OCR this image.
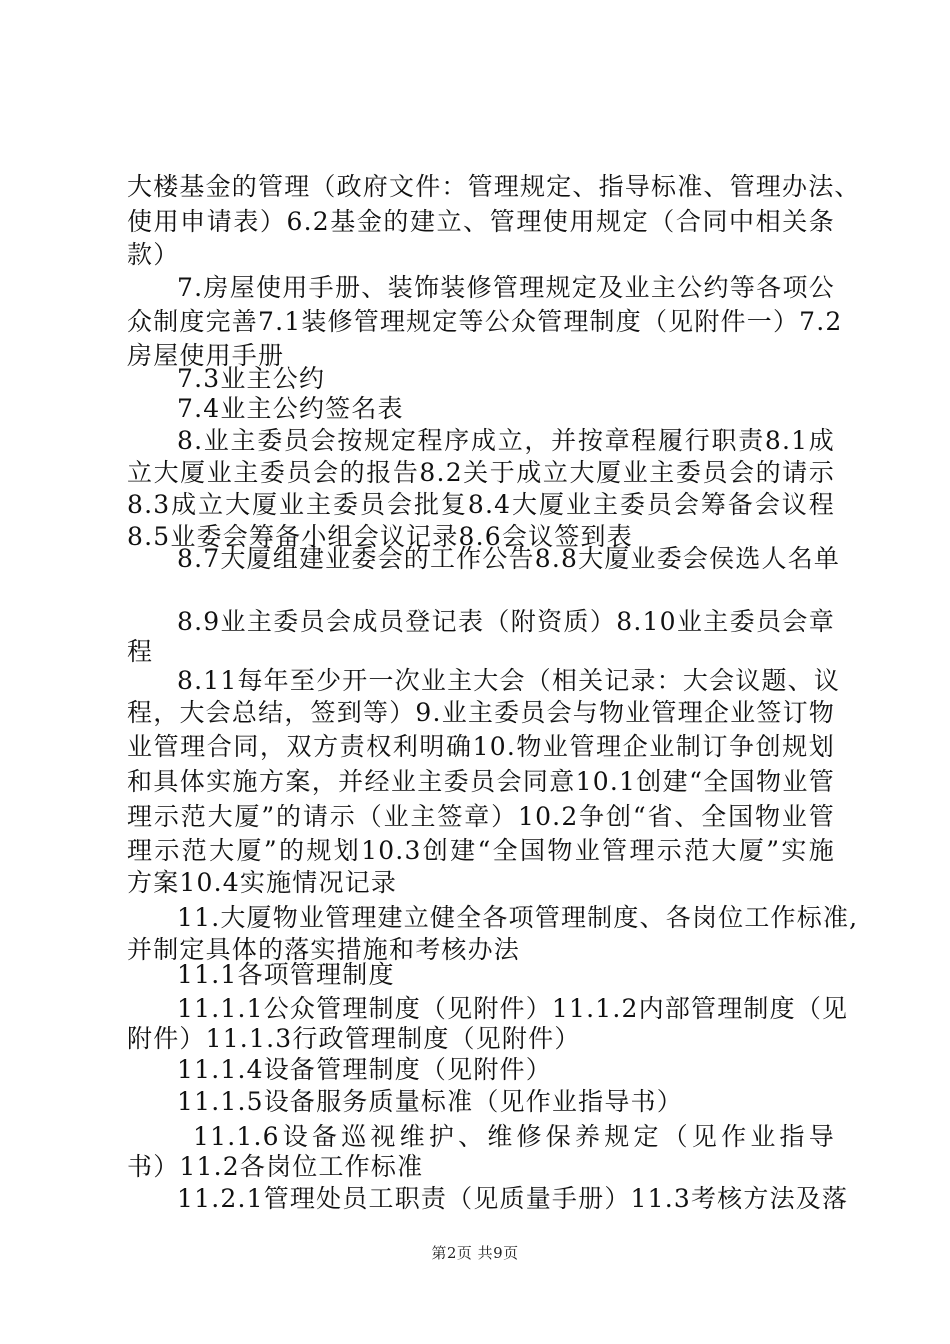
大楼基金的管理（政府文件：管理规定、指导标准、管理办法、
使用申请表）6.2基金的建立、管理使用规定（合同中相关条
款）
7.房屋使用手册、装饰装修管理规定及业主公约等各项公
众制度完善7.1装修管理规定等公众管理制度（见附件一）7.2
房屋使用手册
7.3业主公约
7.4业主公约签名表
8.业主委员会按规定程序成立，并按章程履行职责8.1成
立大厦业主委员会的报告8.2关于成立大厦业主委员会的请示
8.3成立大厦业主委员会批复8.4大厦业主委员会筹备会议程
8.5业委会筹备小组会议记录8.6会议签到表
8.7大厦组建业委会的工作公告8.8大厦业委会侯选人名单
8.9业主委员会成员登记表（附资质）8.10业主委员会章
程
8.11每年至少开一次业主大会（相关记录：大会议题、议
程，大会总结，签到等）9.业主委员会与物业管理企业签订物
业管理合同，双方责权利明确10.物业管理企业制订争创规划
和具体实施方案，并经业主委员会同意10.1创建“全国物业管
理示范大厦”的请示（业主签章）10.2争创“省、全国物业管
理示范大厦”的规划10.3创建“全国物业管理示范大厦”实施
方案10.4实施情况记录
11.大厦物业管理建立健全各项管理制度、各岗位工作标准,
并制定具体的落实措施和考核办法
11.1各项管理制度
11.1.1公众管理制度（见附件）11.1.2内部管理制度（见
附件）11.1.3行政管理制度（见附件）
11.1.4设备管理制度（见附件）
11.1.5设备服务质量标准（见作业指导书）
11.1.6设备巡视维护、维修保养规定（见作业指导
书）11.2各岗位工作标准
11.2.1管理处员工职责（见质量手册）11.3考核方法及落
第2页 共9页
